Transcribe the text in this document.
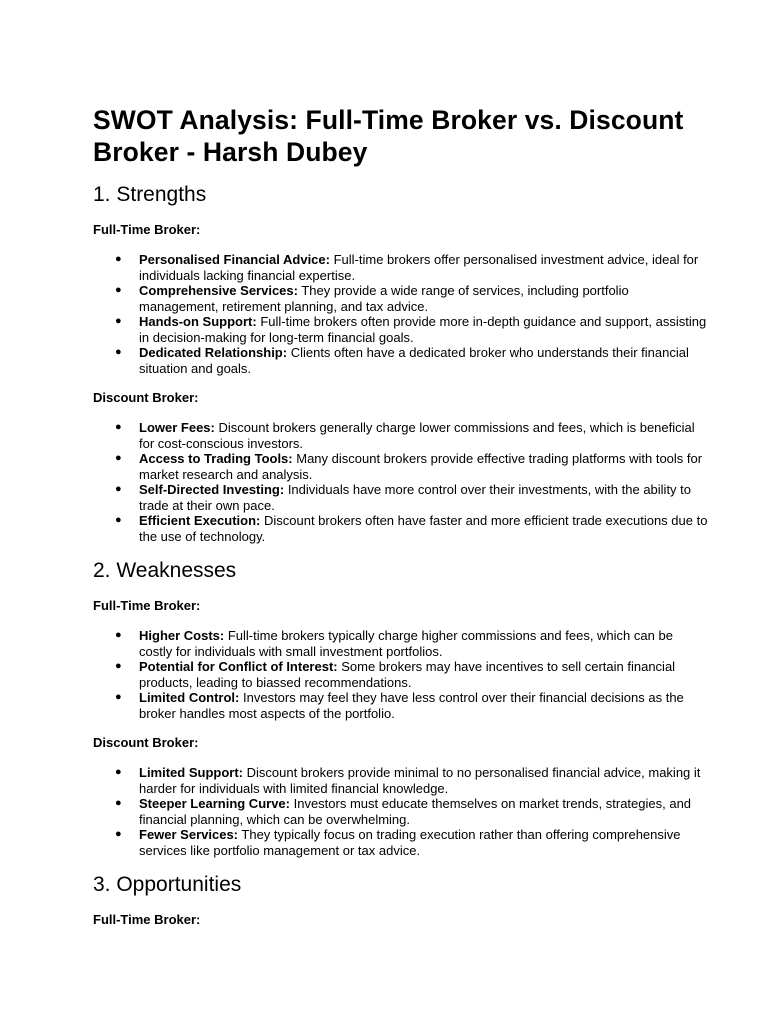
SWOT Analysis: Full-Time Broker vs. Discount Broker - Harsh Dubey
1. Strengths

Full-Time Broker:

● Personalised Financial Advice: Full-time brokers offer personalised investment advice, ideal for individuals lacking financial expertise.
● Comprehensive Services: They provide a wide range of services, including portfolio management, retirement planning, and tax advice.
● Hands-on Support: Full-time brokers often provide more in-depth guidance and support, assisting in decision-making for long-term financial goals.
● Dedicated Relationship: Clients often have a dedicated broker who understands their financial situation and goals.

Discount Broker:

● Lower Fees: Discount brokers generally charge lower commissions and fees, which is beneficial for cost-conscious investors.
● Access to Trading Tools: Many discount brokers provide effective trading platforms with tools for market research and analysis.
● Self-Directed Investing: Individuals have more control over their investments, with the ability to trade at their own pace.
● Efficient Execution: Discount brokers often have faster and more efficient trade executions due to the use of technology.
2. Weaknesses

Full-Time Broker:

● Higher Costs: Full-time brokers typically charge higher commissions and fees, which can be costly for individuals with small investment portfolios.
● Potential for Conflict of Interest: Some brokers may have incentives to sell certain financial products, leading to biassed recommendations.
● Limited Control: Investors may feel they have less control over their financial decisions as the broker handles most aspects of the portfolio.

Discount Broker:

● Limited Support: Discount brokers provide minimal to no personalised financial advice, making it harder for individuals with limited financial knowledge.
● Steeper Learning Curve: Investors must educate themselves on market trends, strategies, and financial planning, which can be overwhelming.
● Fewer Services: They typically focus on trading execution rather than offering comprehensive services like portfolio management or tax advice.
3. Opportunities

Full-Time Broker:
